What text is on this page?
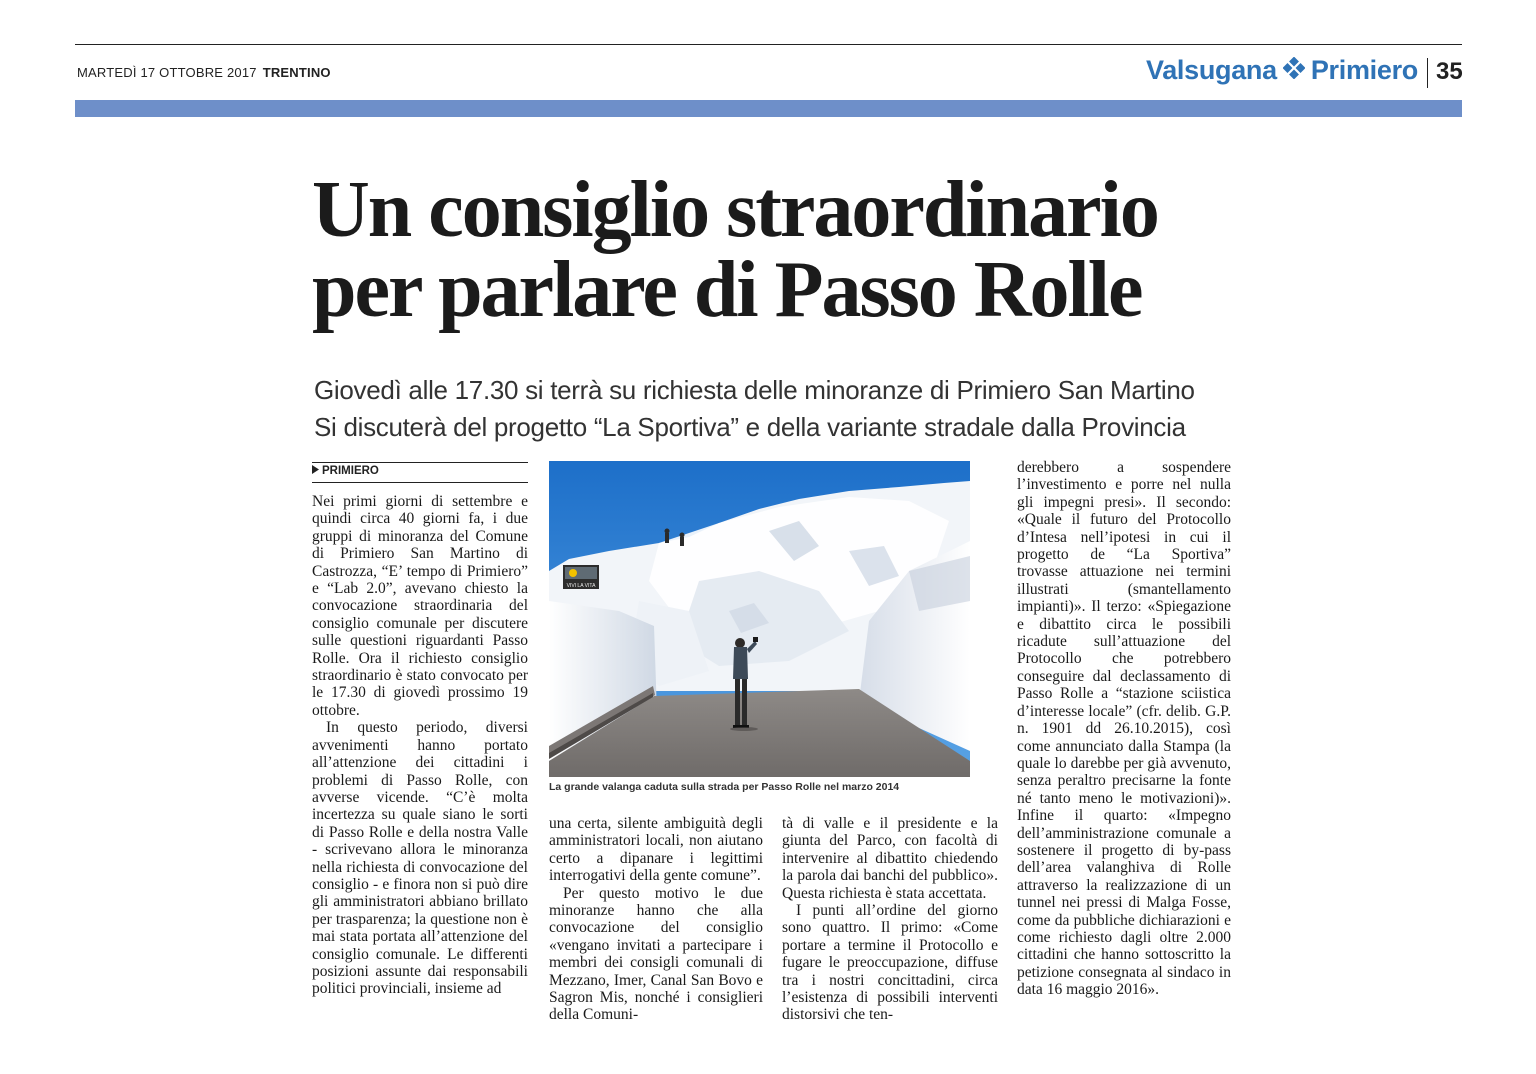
MARTEDÌ 17 OTTOBRE 2017 TRENTINO	Valsugana Primiero 35
Un consiglio straordinario
per parlare di Passo Rolle
Giovedì alle 17.30 si terrà su richiesta delle minoranze di Primiero San Martino
Si discuterà del progetto “La Sportiva” e della variante stradale dalla Provincia
PRIMIERO

Nei primi giorni di settembre e quindi circa 40 giorni fa, i due gruppi di minoranza del Comune di Primiero San Martino di Castrozza, “E’ tempo di Primiero” e “Lab 2.0”, avevano chiesto la convocazione straordinaria del consiglio comunale per discutere sulle questioni riguardanti Passo Rolle. Ora il richiesto consiglio straordinario è stato convocato per le 17.30 di giovedì prossimo 19 ottobre.

In questo periodo, diversi avvenimenti hanno portato all’attenzione dei cittadini i problemi di Passo Rolle, con avverse vicende. “C’è molta incertezza su quale siano le sorti di Passo Rolle e della nostra Valle - scrivevano allora le minoranza nella richiesta di convocazione del consiglio - e finora non si può dire gli amministratori abbiano brillato per trasparenza; la questione non è mai stata portata all’attenzione del consiglio comunale. Le differenti posizioni assunte dai responsabili politici provinciali, insieme ad

VIVI LA VITA
La grande valanga caduta sulla strada per Passo Rolle nel marzo 2014

una certa, silente ambiguità degli amministratori locali, non aiutano certo a dipanare i legittimi interrogativi della gente comune”.

Per questo motivo le due minoranze hanno che alla convocazione del consiglio «vengano invitati a partecipare i membri dei consigli comunali di Mezzano, Imer, Canal San Bovo e Sagron Mis, nonché i consiglieri della Comuni-

tà di valle e il presidente e la giunta del Parco, con facoltà di intervenire al dibattito chiedendo la parola dai banchi del pubblico». Questa richiesta è stata accettata.

I punti all’ordine del giorno sono quattro. Il primo: «Come portare a termine il Protocollo e fugare le preoccupazione, diffuse tra i nostri concittadini, circa l’esistenza di possibili interventi distorsivi che ten-

derebbero a sospendere l’investimento e porre nel nulla gli impegni presi». Il secondo: «Quale il futuro del Protocollo d’Intesa nell’ipotesi in cui il progetto de “La Sportiva” trovasse attuazione nei termini illustrati (smantellamento impianti)». Il terzo: «Spiegazione e dibattito circa le possibili ricadute sull’attuazione del Protocollo che potrebbero conseguire dal declassamento di Passo Rolle a “stazione sciistica d’interesse locale” (cfr. delib. G.P. n. 1901 dd 26.10.2015), così come annunciato dalla Stampa (la quale lo darebbe per già avvenuto, senza peraltro precisarne la fonte né tanto meno le motivazioni)». Infine il quarto: «Impegno dell’amministrazione comunale a sostenere il progetto di by-pass dell’area valanghiva di Rolle attraverso la realizzazione di un tunnel nei pressi di Malga Fosse, come da pubbliche dichiarazioni e come richiesto dagli oltre 2.000 cittadini che hanno sottoscritto la petizione consegnata al sindaco in data 16 maggio 2016».
